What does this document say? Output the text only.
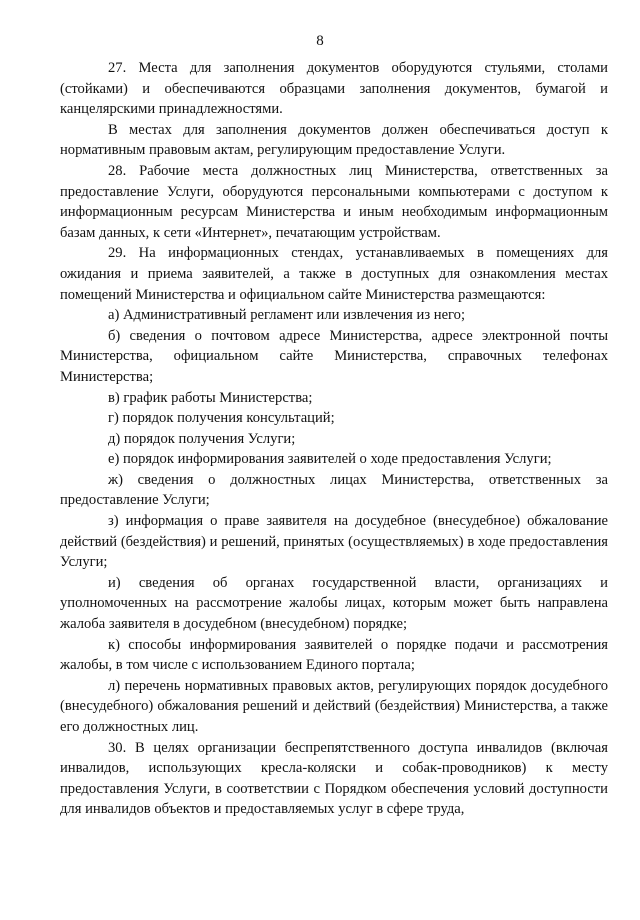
8

27. Места для заполнения документов оборудуются стульями, столами (стойками) и обеспечиваются образцами заполнения документов, бумагой и канцелярскими принадлежностями.

В местах для заполнения документов должен обеспечиваться доступ к нормативным правовым актам, регулирующим предоставление Услуги.

28. Рабочие места должностных лиц Министерства, ответственных за предоставление Услуги, оборудуются персональными компьютерами с доступом к информационным ресурсам Министерства и иным необходимым информационным базам данных, к сети «Интернет», печатающим устройствам.

29. На информационных стендах, устанавливаемых в помещениях для ожидания и приема заявителей, а также в доступных для ознакомления местах помещений Министерства и официальном сайте Министерства размещаются:

а) Административный регламент или извлечения из него;

б) сведения о почтовом адресе Министерства, адресе электронной почты Министерства, официальном сайте Министерства, справочных телефонах Министерства;

в) график работы Министерства;

г) порядок получения консультаций;

д) порядок получения Услуги;

е) порядок информирования заявителей о ходе предоставления Услуги;

ж) сведения о должностных лицах Министерства, ответственных за предоставление Услуги;

з) информация о праве заявителя на досудебное (внесудебное) обжалование действий (бездействия) и решений, принятых (осуществляемых) в ходе предоставления Услуги;

и) сведения об органах государственной власти, организациях и уполномоченных на рассмотрение жалобы лицах, которым может быть направлена жалоба заявителя в досудебном (внесудебном) порядке;

к) способы информирования заявителей о порядке подачи и рассмотрения жалобы, в том числе с использованием Единого портала;

л) перечень нормативных правовых актов, регулирующих порядок досудебного (внесудебного) обжалования решений и действий (бездействия) Министерства, а также его должностных лиц.

30. В целях организации беспрепятственного доступа инвалидов (включая инвалидов, использующих кресла-коляски и собак-проводников) к месту предоставления Услуги, в соответствии с Порядком обеспечения условий доступности для инвалидов объектов и предоставляемых услуг в сфере труда,
